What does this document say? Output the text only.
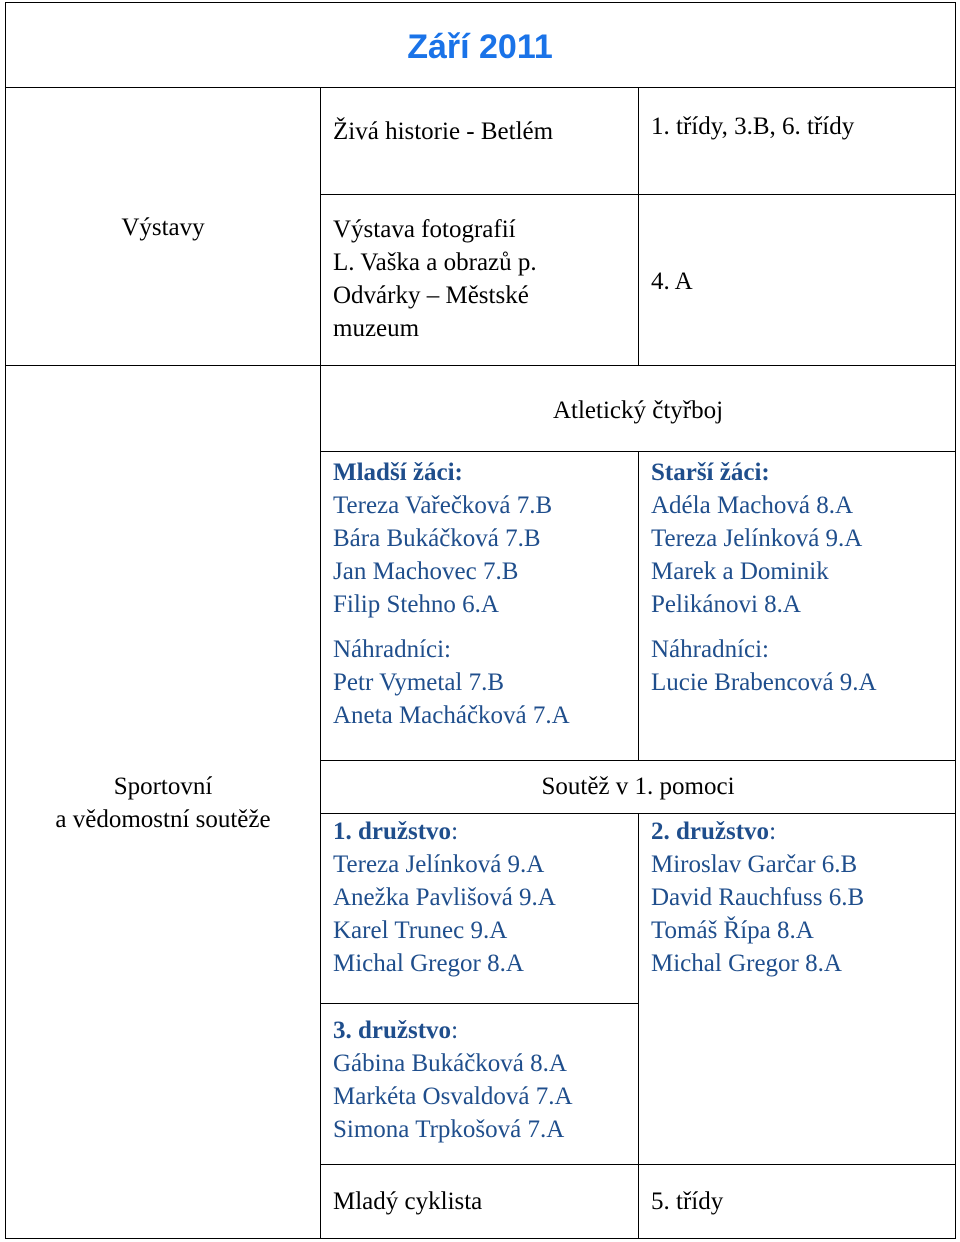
Září 2011
Výstavy
Živá historie - Betlém	1. třídy, 3.B, 6. třídy
Výstava fotografií
L. Vaška a obrazů p.
Odvárky – Městské
muzeum
4. A
Sportovní
a vědomostní soutěže
Atletický čtyřboj
Mladší žáci:
Tereza Vařečková 7.B
Bára Bukáčková 7.B
Jan Machovec 7.B
Filip Stehno 6.A
Náhradníci:
Petr Vymetal 7.B
Aneta Macháčková 7.A
Starší žáci:
Adéla Machová 8.A
Tereza Jelínková 9.A
Marek a Dominik
Pelikánovi 8.A
Náhradníci:
Lucie Brabencová 9.A
Soutěž v 1. pomoci
1. družstvo:
Tereza Jelínková 9.A
Anežka Pavlišová 9.A
Karel Trunec 9.A
Michal Gregor 8.A
2. družstvo:
Miroslav Garčar 6.B
David Rauchfuss 6.B
Tomáš Řípa 8.A
Michal Gregor 8.A
3. družstvo:
Gábina Bukáčková 8.A
Markéta Osvaldová 7.A
Simona Trpkošová 7.A
Mladý cyklista	5. třídy
